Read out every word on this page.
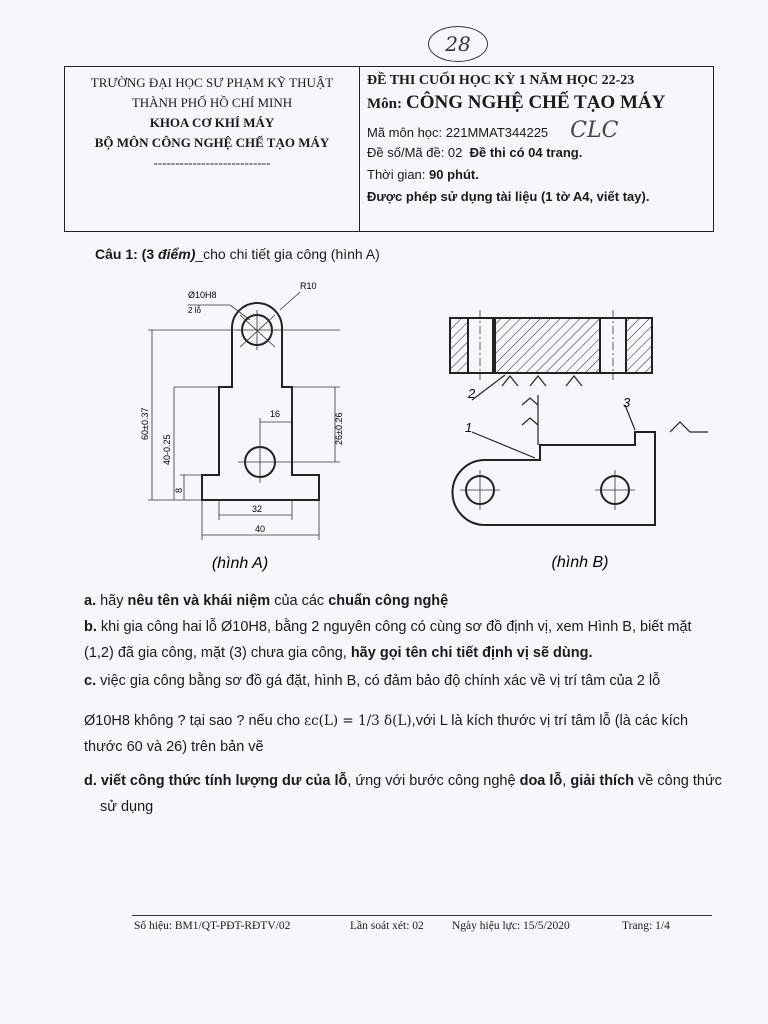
28
TRƯỜNG ĐẠI HỌC SƯ PHẠM KỸ THUẬT
THÀNH PHỐ HỒ CHÍ MINH
KHOA CƠ KHÍ MÁY
BỘ MÔN CÔNG NGHỆ CHẾ TẠO MÁY
---------------------------
ĐỀ THI CUỐI HỌC KỲ 1 NĂM HỌC 22-23
Môn: CÔNG NGHỆ CHẾ TẠO MÁY
Mã môn học: 221MMAT344225 CLC
Đề số/Mã đề: 02 Đề thi có 04 trang.
Thời gian: 90 phút.
Được phép sử dụng tài liệu (1 tờ A4, viết tay).
Câu 1: (3 điểm)_cho chi tiết gia công (hình A)
Ø10H8
2 lỗ
R10
60±0.37
40-0.25
8
26±0.26
16
32
40
(hình A)
2
1
3
(hình B)
a. hãy nêu tên và khái niệm của các chuẩn công nghệ
b. khi gia công hai lỗ Ø10H8, bằng 2 nguyên công có cùng sơ đồ định vị, xem Hình B, biết mặt
(1,2) đã gia công, mặt (3) chưa gia công, hãy gọi tên chi tiết định vị sẽ dùng.
c. việc gia công bằng sơ đồ gá đặt, hình B, có đảm bảo độ chính xác về vị trí tâm của 2 lỗ
Ø10H8 không ? tại sao ? nếu cho εc(L) = 1/3 δ(L),với L là kích thước vị trí tâm lỗ (là các kích
thước 60 và 26) trên bản vẽ
d. viết công thức tính lượng dư của lỗ, ứng với bước công nghệ doa lỗ, giải thích về công thức
sử dụng
Số hiệu: BM1/QT-PĐT-RĐTV/02	Lần soát xét: 02 Ngày hiệu lực: 15/5/2020	Trang: 1/4
